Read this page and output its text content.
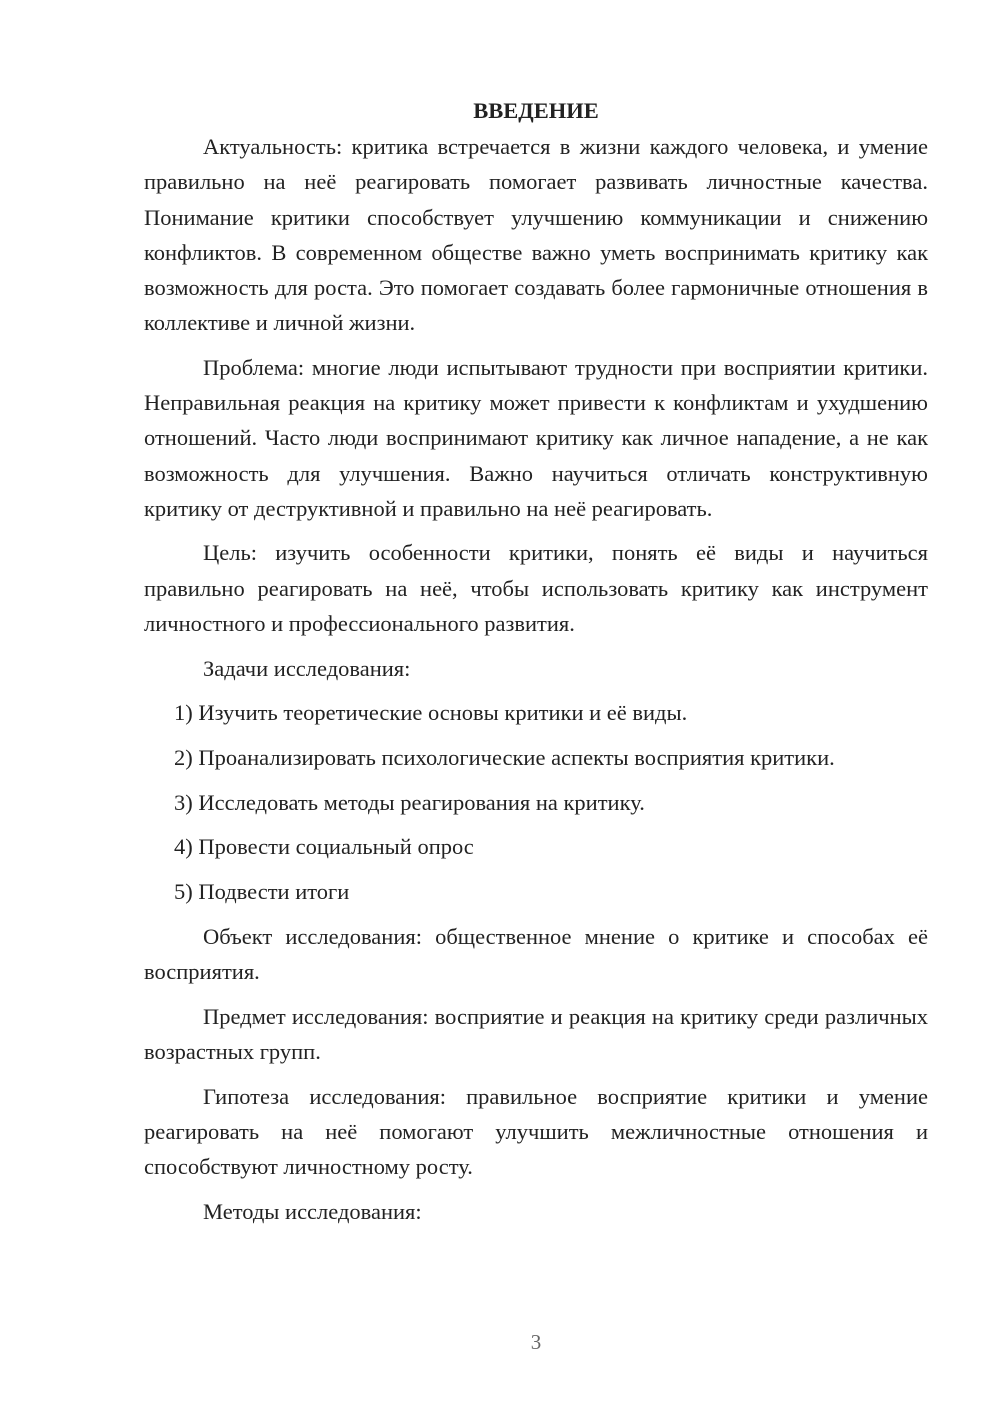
ВВЕДЕНИЕ

Актуальность: критика встречается в жизни каждого человека, и умение правильно на неё реагировать помогает развивать личностные качества. Понимание критики способствует улучшению коммуникации и снижению конфликтов. В современном обществе важно уметь воспринимать критику как возможность для роста. Это помогает создавать более гармоничные отношения в коллективе и личной жизни.

Проблема: многие люди испытывают трудности при восприятии критики. Неправильная реакция на критику может привести к конфликтам и ухудшению отношений. Часто люди воспринимают критику как личное нападение, а не как возможность для улучшения. Важно научиться отличать конструктивную критику от деструктивной и правильно на неё реагировать.

Цель: изучить особенности критики, понять её виды и научиться правильно реагировать на неё, чтобы использовать критику как инструмент личностного и профессионального развития.

Задачи исследования:

1) Изучить теоретические основы критики и её виды.

2) Проанализировать психологические аспекты восприятия критики.

3) Исследовать методы реагирования на критику.

4) Провести социальный опрос

5) Подвести итоги

Объект исследования: общественное мнение о критике и способах её восприятия.

Предмет исследования: восприятие и реакция на критику среди различных возрастных групп.

Гипотеза исследования: правильное восприятие критики и умение реагировать на неё помогают улучшить межличностные отношения и способствуют личностному росту.

Методы исследования:

3
